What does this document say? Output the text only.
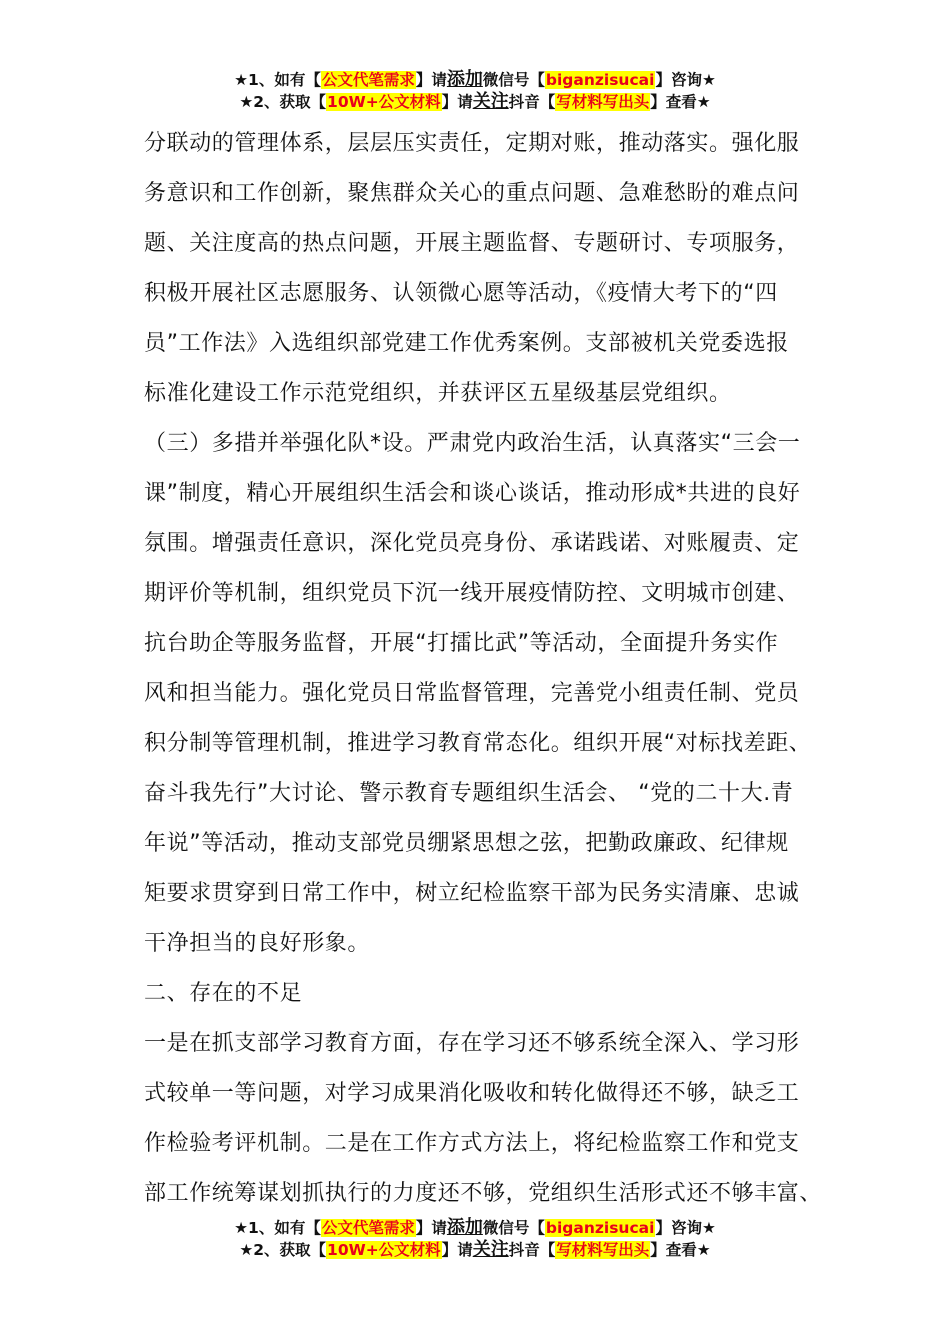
★1、如有【公文代笔需求】请添加微信号【biganzisucai】咨询★
★2、获取【10W+公文材料】请关注抖音【写材料写出头】查看★

分联动的管理体系，层层压实责任，定期对账，推动落实。强化服

务意识和工作创新，聚焦群众关心的重点问题、急难愁盼的难点问

题、关注度高的热点问题，开展主题监督、专题研讨、专项服务，

积极开展社区志愿服务、认领微心愿等活动，《疫情大考下的“四

员”工作法》入选组织部党建工作优秀案例。支部被机关党委选报

标准化建设工作示范党组织，并获评区五星级基层党组织。

（三）多措并举强化队*设。严肃党内政治生活，认真落实“三会一

课”制度，精心开展组织生活会和谈心谈话，推动形成*共进的良好

氛围。增强责任意识，深化党员亮身份、承诺践诺、对账履责、定

期评价等机制，组织党员下沉一线开展疫情防控、文明城市创建、

抗台助企等服务监督，开展“打擂比武”等活动，全面提升务实作

风和担当能力。强化党员日常监督管理，完善党小组责任制、党员

积分制等管理机制，推进学习教育常态化。组织开展“对标找差距、

奋斗我先行”大讨论、警示教育专题组织生活会、 “党的二十大.青

年说”等活动，推动支部党员绷紧思想之弦，把勤政廉政、纪律规

矩要求贯穿到日常工作中，树立纪检监察干部为民务实清廉、忠诚

干净担当的良好形象。

二、存在的不足

一是在抓支部学习教育方面，存在学习还不够系统全深入、学习形

式较单一等问题，对学习成果消化吸收和转化做得还不够，缺乏工

作检验考评机制。二是在工作方式方法上，将纪检监察工作和党支

部工作统筹谋划抓执行的力度还不够，党组织生活形式还不够丰富、

★1、如有【公文代笔需求】请添加微信号【biganzisucai】咨询★
★2、获取【10W+公文材料】请关注抖音【写材料写出头】查看★
